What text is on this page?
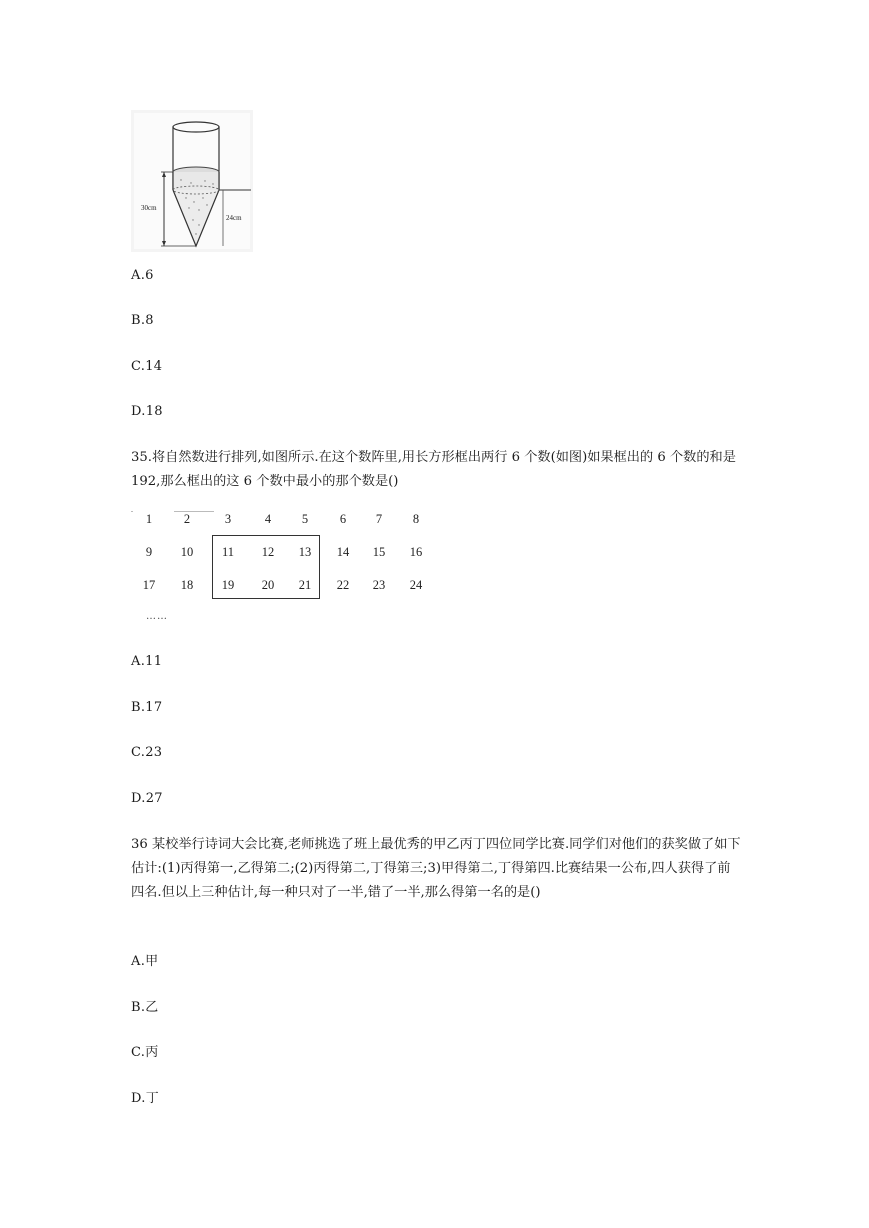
30cm
24cm
A.6
B.8
C.14
D.18
35.将自然数进行排列,如图所示.在这个数阵里,用长方形框出两行 6 个数(如图)如果框出的 6 个数的和是 192,那么框出的这 6 个数中最小的那个数是()
1	2	3	4	5	6	7	8
9	10	11	12	13	14	15	16
17	18	19	20	21	22	23	24
……
A.11
B.17
C.23
D.27
36 某校举行诗词大会比赛,老师挑选了班上最优秀的甲乙丙丁四位同学比赛.同学们对他们的获奖做了如下估计:(1)丙得第一,乙得第二;(2)丙得第二,丁得第三;3)甲得第二,丁得第四.比赛结果一公布,四人获得了前四名.但以上三种估计,每一种只对了一半,错了一半,那么得第一名的是()
A.甲
B.乙
C.丙
D.丁
